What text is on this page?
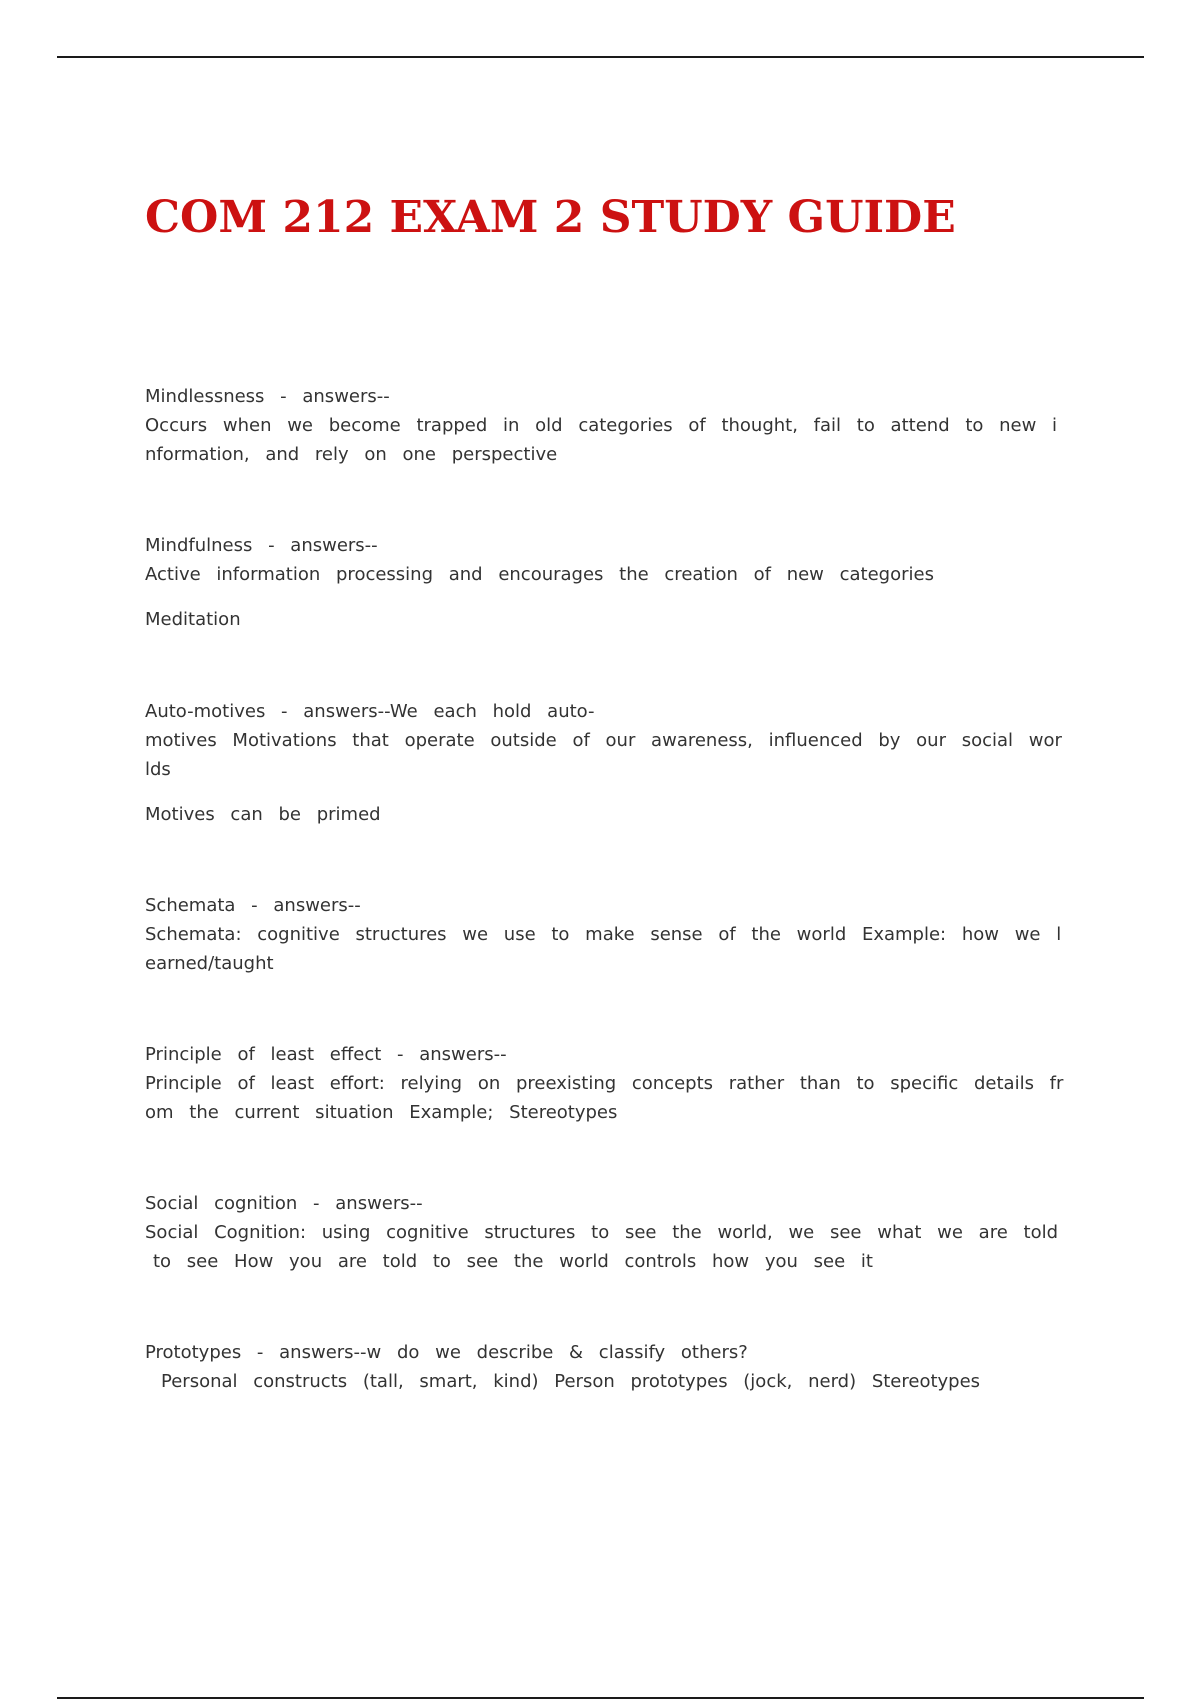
COM 212 EXAM 2 STUDY GUIDE
Mindlessness - answers--
Occurs when we become trapped in old categories of thought, fail to attend to new i
nformation, and rely on one perspective
Mindfulness - answers--
Active information processing and encourages the creation of new categories
Meditation
Auto-motives - answers--We each hold auto-
motives Motivations that operate outside of our awareness, influenced by our social wor
lds
Motives can be primed
Schemata - answers--
Schemata: cognitive structures we use to make sense of the world Example: how we l
earned/taught
Principle of least effect - answers--
Principle of least effort: relying on preexisting concepts rather than to specific details fr
om the current situation Example; Stereotypes
Social cognition - answers--
Social Cognition: using cognitive structures to see the world, we see what we are told
to see How you are told to see the world controls how you see it
Prototypes - answers--w do we describe & classify others?
Personal constructs (tall, smart, kind) Person prototypes (jock, nerd) Stereotypes
